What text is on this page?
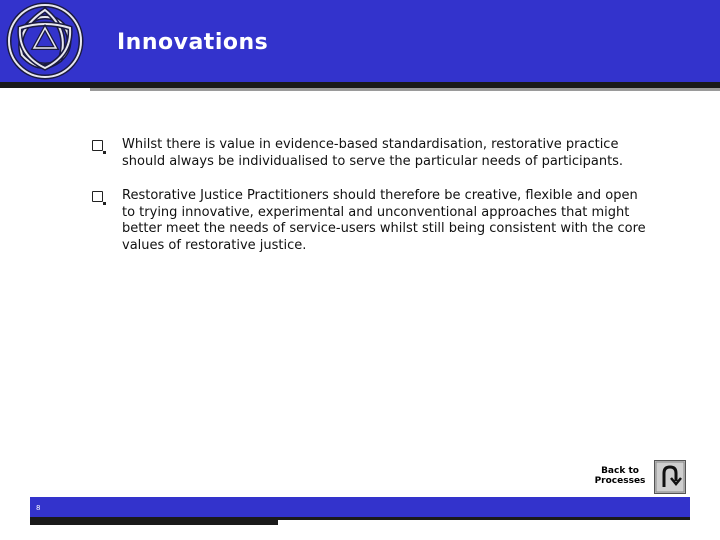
Innovations
Whilst there is value in evidence-based standardisation, restorative practice should always be individualised to serve the particular needs of participants.
Restorative Justice Practitioners should therefore be creative, flexible and open to trying innovative, experimental and unconventional approaches that might better meet the needs of service-users whilst still being consistent with the core values of restorative justice.
Back to
Processes
8
